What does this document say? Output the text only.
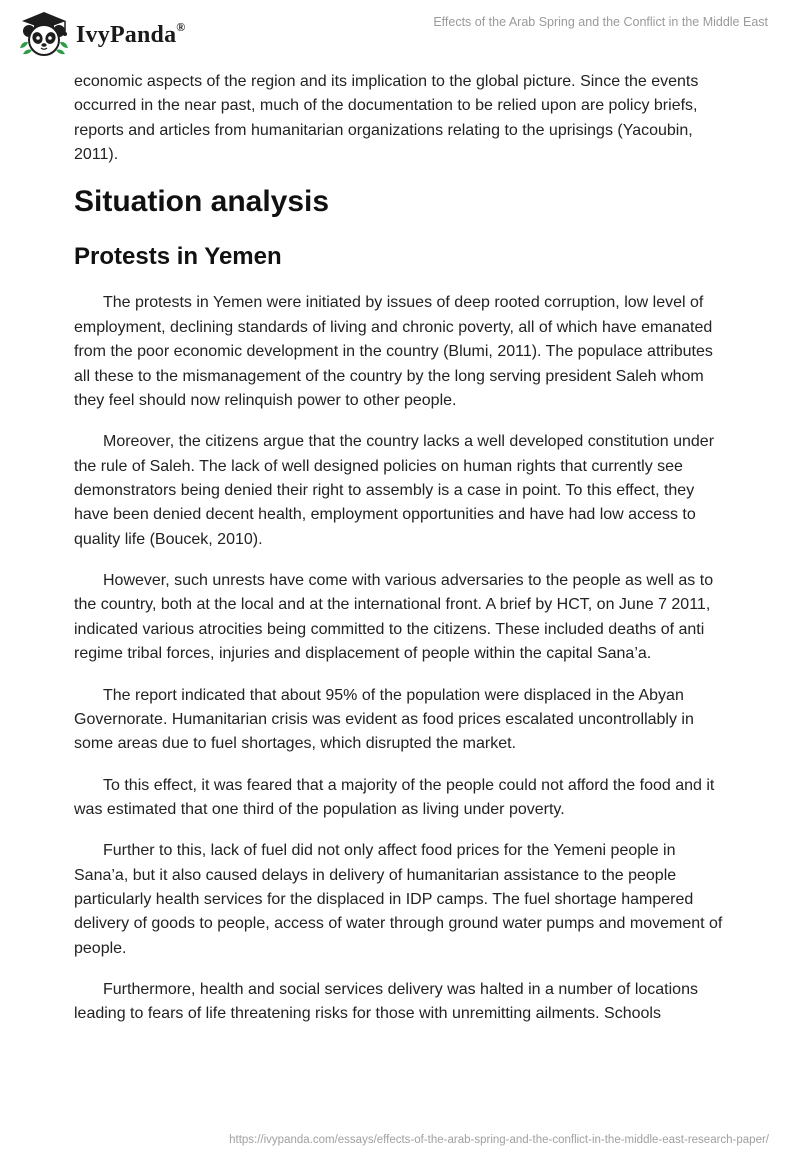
IvyPanda®	Effects of the Arab Spring and the Conflict in the Middle East

economic aspects of the region and its implication to the global picture. Since the events occurred in the near past, much of the documentation to be relied upon are policy briefs, reports and articles from humanitarian organizations relating to the uprisings (Yacoubin, 2011).

Situation analysis
Protests in Yemen

The protests in Yemen were initiated by issues of deep rooted corruption, low level of employment, declining standards of living and chronic poverty, all of which have emanated from the poor economic development in the country (Blumi, 2011). The populace attributes all these to the mismanagement of the country by the long serving president Saleh whom they feel should now relinquish power to other people.

Moreover, the citizens argue that the country lacks a well developed constitution under the rule of Saleh. The lack of well designed policies on human rights that currently see demonstrators being denied their right to assembly is a case in point. To this effect, they have been denied decent health, employment opportunities and have had low access to quality life (Boucek, 2010).

However, such unrests have come with various adversaries to the people as well as to the country, both at the local and at the international front. A brief by HCT, on June 7 2011, indicated various atrocities being committed to the citizens. These included deaths of anti regime tribal forces, injuries and displacement of people within the capital Sana’a.

The report indicated that about 95% of the population were displaced in the Abyan Governorate. Humanitarian crisis was evident as food prices escalated uncontrollably in some areas due to fuel shortages, which disrupted the market.

To this effect, it was feared that a majority of the people could not afford the food and it was estimated that one third of the population as living under poverty.

Further to this, lack of fuel did not only affect food prices for the Yemeni people in Sana’a, but it also caused delays in delivery of humanitarian assistance to the people particularly health services for the displaced in IDP camps. The fuel shortage hampered delivery of goods to people, access of water through ground water pumps and movement of people.

Furthermore, health and social services delivery was halted in a number of locations leading to fears of life threatening risks for those with unremitting ailments. Schools

https://ivypanda.com/essays/effects-of-the-arab-spring-and-the-conflict-in-the-middle-east-research-paper/
